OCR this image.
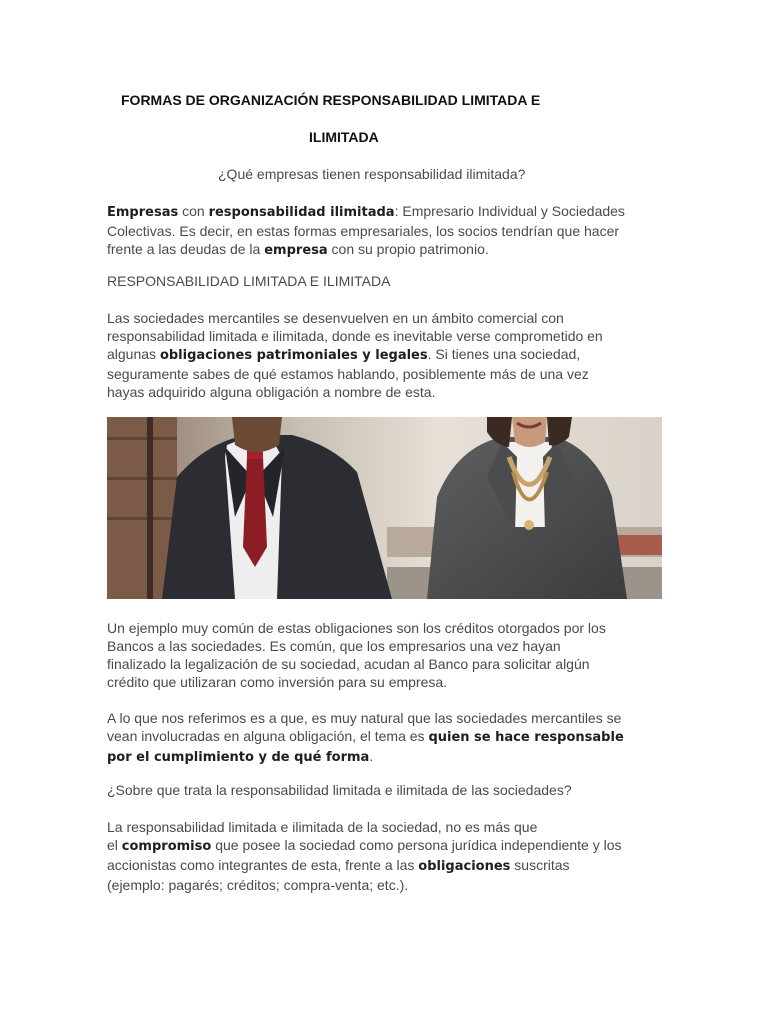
FORMAS DE ORGANIZACIÓN RESPONSABILIDAD LIMITADA E
ILIMITADA

¿Qué empresas tienen responsabilidad ilimitada?

Empresas con responsabilidad ilimitada: Empresario Individual y Sociedades
Colectivas. Es decir, en estas formas empresariales, los socios tendrían que hacer
frente a las deudas de la empresa con su propio patrimonio.

RESPONSABILIDAD LIMITADA E ILIMITADA

Las sociedades mercantiles se desenvuelven en un ámbito comercial con
responsabilidad limitada e ilimitada, donde es inevitable verse comprometido en
algunas obligaciones patrimoniales y legales. Si tienes una sociedad,
seguramente sabes de qué estamos hablando, posiblemente más de una vez
hayas adquirido alguna obligación a nombre de esta.

Un ejemplo muy común de estas obligaciones son los créditos otorgados por los
Bancos a las sociedades. Es común, que los empresarios una vez hayan
finalizado la legalización de su sociedad, acudan al Banco para solicitar algún
crédito que utilizaran como inversión para su empresa.

A lo que nos referimos es a que, es muy natural que las sociedades mercantiles se
vean involucradas en alguna obligación, el tema es quien se hace responsable
por el cumplimiento y de qué forma.

¿Sobre que trata la responsabilidad limitada e ilimitada de las sociedades?

La responsabilidad limitada e ilimitada de la sociedad, no es más que
el compromiso que posee la sociedad como persona jurídica independiente y los
accionistas como integrantes de esta, frente a las obligaciones suscritas
(ejemplo: pagarés; créditos; compra-venta; etc.).
